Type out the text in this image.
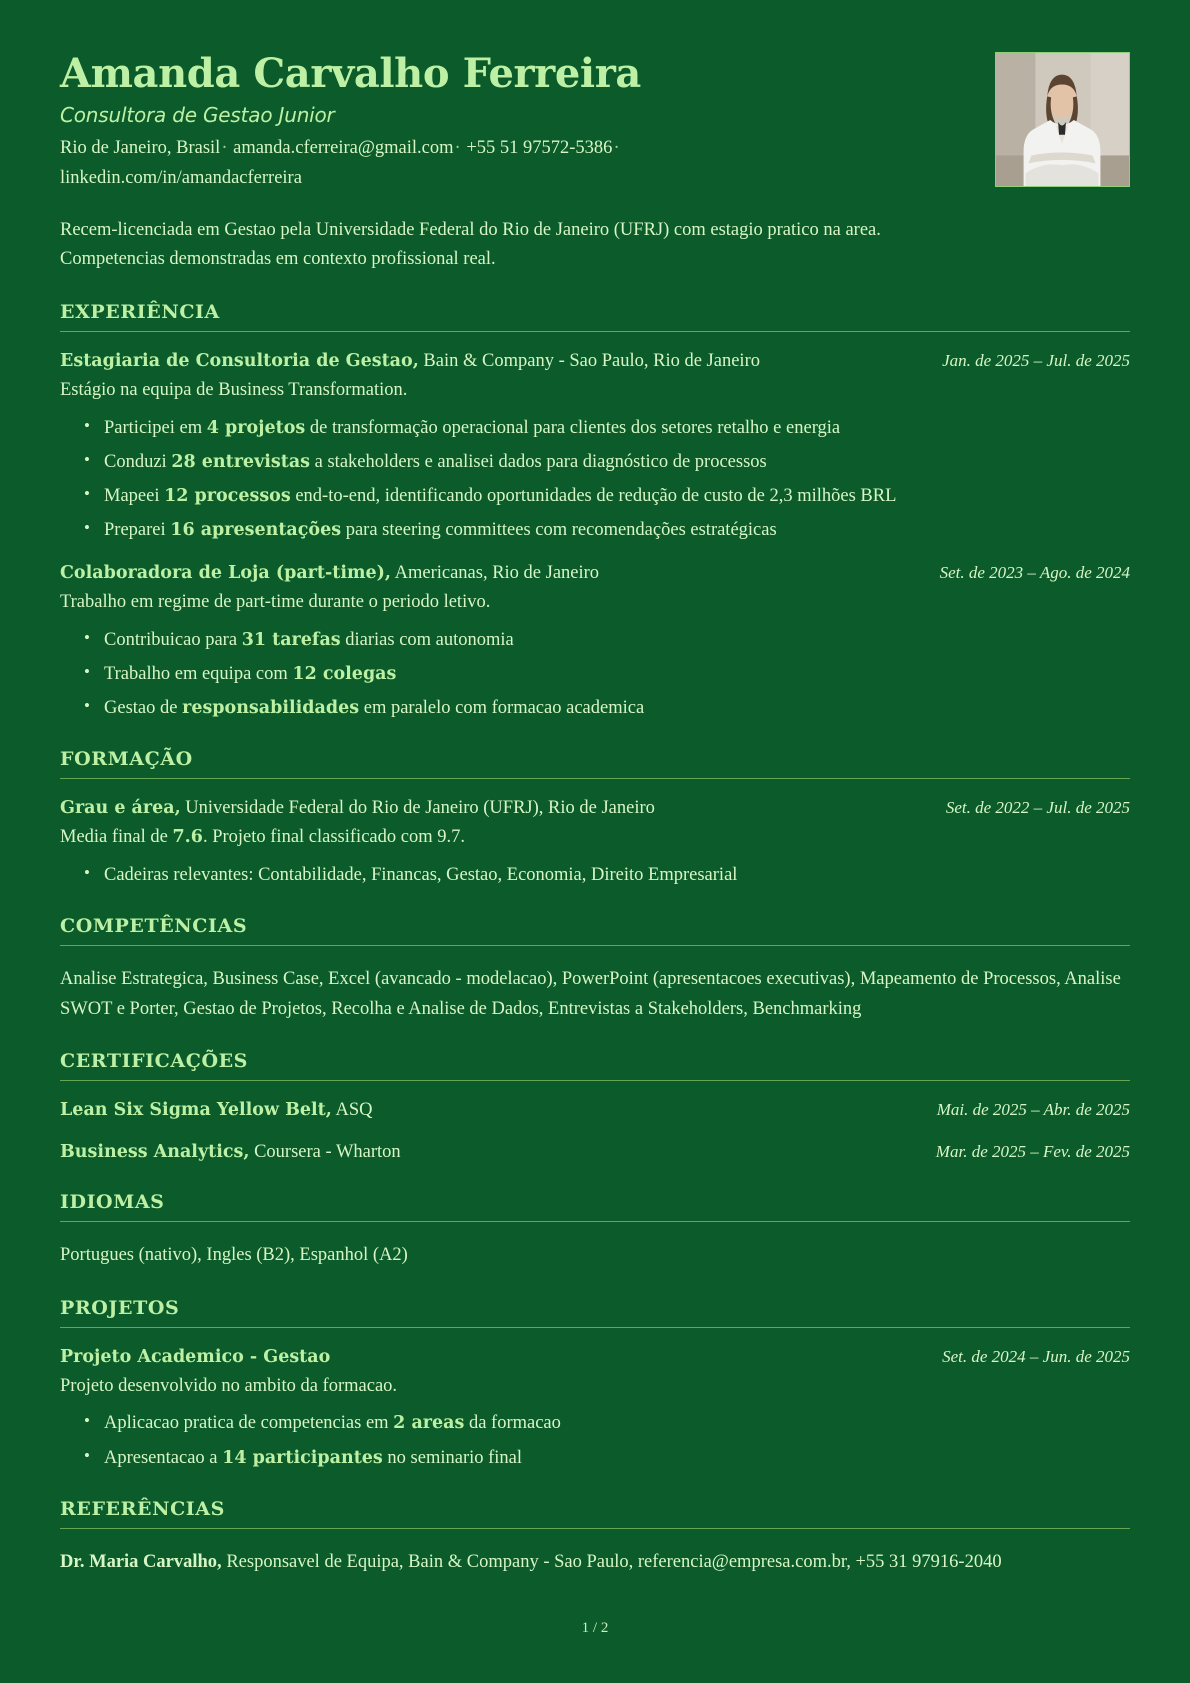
Amanda Carvalho Ferreira
Consultora de Gestao Junior
Rio de Janeiro, Brasil· amanda.cferreira@gmail.com· +55 51 97572-5386· linkedin.com/in/amandacferreira
Recem-licenciada em Gestao pela Universidade Federal do Rio de Janeiro (UFRJ) com estagio pratico na area. Competencias demonstradas em contexto profissional real.
EXPERIÊNCIA
Estagiaria de Consultoria de Gestao, Bain & Company - Sao Paulo, Rio de Janeiro	Jan. de 2025 – Jul. de 2025
Estágio na equipa de Business Transformation.
• Participei em 4 projetos de transformação operacional para clientes dos setores retalho e energia
• Conduzi 28 entrevistas a stakeholders e analisei dados para diagnóstico de processos
• Mapeei 12 processos end-to-end, identificando oportunidades de redução de custo de 2,3 milhões BRL
• Preparei 16 apresentações para steering committees com recomendações estratégicas
Colaboradora de Loja (part-time), Americanas, Rio de Janeiro	Set. de 2023 – Ago. de 2024
Trabalho em regime de part-time durante o periodo letivo.
• Contribuicao para 31 tarefas diarias com autonomia
• Trabalho em equipa com 12 colegas
• Gestao de responsabilidades em paralelo com formacao academica
FORMAÇÃO
Grau e área, Universidade Federal do Rio de Janeiro (UFRJ), Rio de Janeiro	Set. de 2022 – Jul. de 2025
Media final de 7.6. Projeto final classificado com 9.7.
• Cadeiras relevantes: Contabilidade, Financas, Gestao, Economia, Direito Empresarial
COMPETÊNCIAS
Analise Estrategica, Business Case, Excel (avancado - modelacao), PowerPoint (apresentacoes executivas), Mapeamento de Processos, Analise SWOT e Porter, Gestao de Projetos, Recolha e Analise de Dados, Entrevistas a Stakeholders, Benchmarking
CERTIFICAÇÕES
Lean Six Sigma Yellow Belt, ASQ	Mai. de 2025 – Abr. de 2025
Business Analytics, Coursera - Wharton	Mar. de 2025 – Fev. de 2025
IDIOMAS
Portugues (nativo), Ingles (B2), Espanhol (A2)
PROJETOS
Projeto Academico - Gestao	Set. de 2024 – Jun. de 2025
Projeto desenvolvido no ambito da formacao.
• Aplicacao pratica de competencias em 2 areas da formacao
• Apresentacao a 14 participantes no seminario final
REFERÊNCIAS
Dr. Maria Carvalho, Responsavel de Equipa, Bain & Company - Sao Paulo, referencia@empresa.com.br, +55 31 97916-2040
1 / 2
